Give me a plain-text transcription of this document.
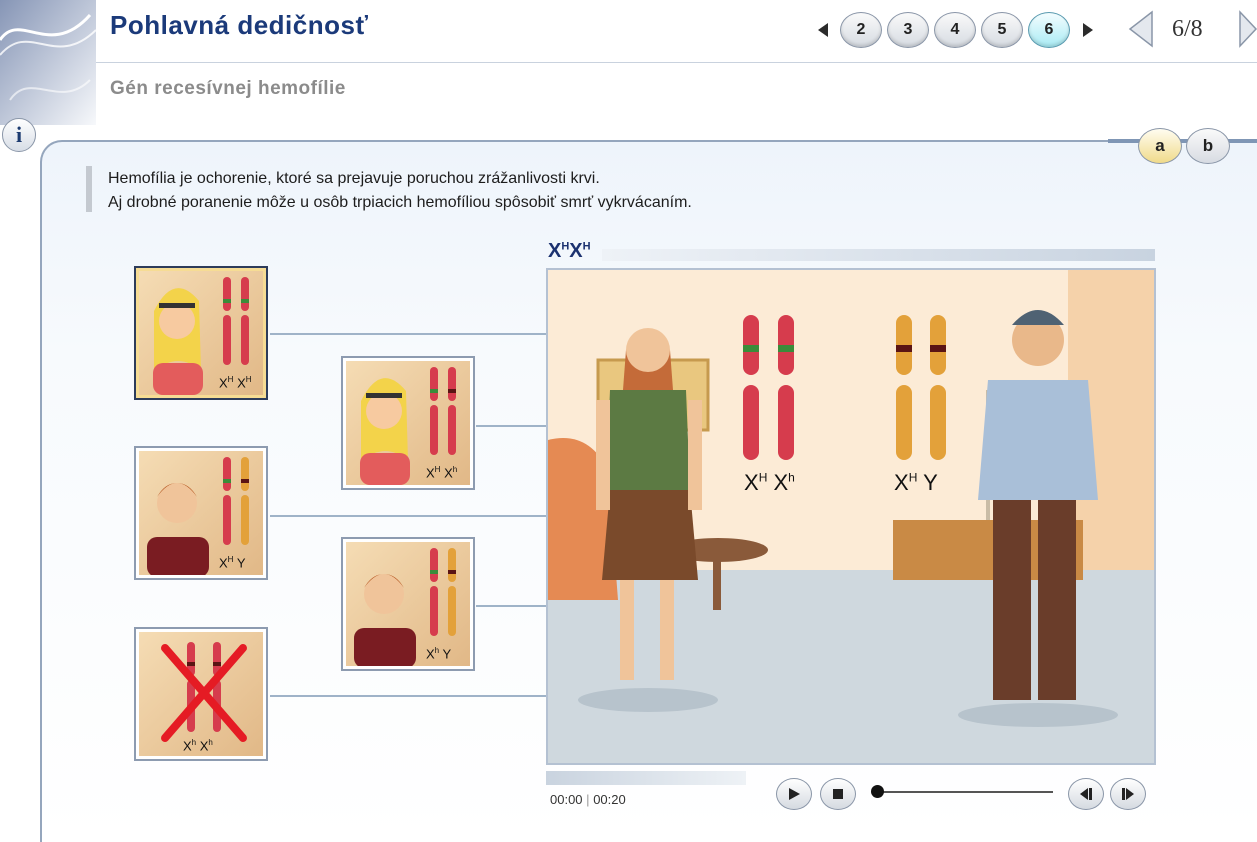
Pohlavná dedičnosť
Gén recesívnej hemofílie
2	3	4	5	6	6/8
i	a	b
Hemofília je ochorenie, ktoré sa prejavuje poruchou zrážanlivosti krvi.
Aj drobné poranenie môže u osôb trpiacich hemofíliou spôsobiť smrť vykrvácaním.
$X^H$ $X^H$
$X^H$ $X^h$
$X^H$ Y
$X^h$ Y
$X^h$ $X^h$
$X^HX^H$
$X^H$ $X^h$	$X^H$ Y
00:00 | 00:20
